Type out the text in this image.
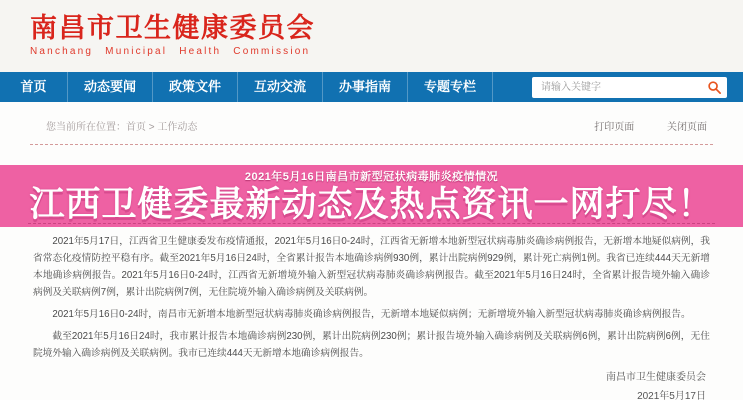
南昌市卫生健康委员会
Nanchang Municipal Health Commission
首页	动态要闻	政策文件	互动交流	办事指南	专题专栏
请输入关键字
您当前所在位置：首页 > 工作动态	打印页面	关闭页面
2021年5月16日南昌市新型冠状病毒肺炎疫情情况
江西卫健委最新动态及热点资讯一网打尽！

2021年5月17日，江西省卫生健康委发布疫情通报，2021年5月16日0-24时，江西省无新增本地新型冠状病毒肺炎确诊病例报告，无新增本地疑似病例，我省常态化疫情防控平稳有序。截至2021年5月16日24时，全省累计报告本地确诊病例930例，累计出院病例929例，累计死亡病例1例。我省已连续444天无新增本地确诊病例报告。2021年5月16日0-24时，江西省无新增境外输入新型冠状病毒肺炎确诊病例报告。截至2021年5月16日24时，全省累计报告境外输入确诊病例及关联病例7例，累计出院病例7例，无住院境外输入确诊病例及关联病例。

2021年5月16日0-24时，南昌市无新增本地新型冠状病毒肺炎确诊病例报告，无新增本地疑似病例；无新增境外输入新型冠状病毒肺炎确诊病例报告。

截至2021年5月16日24时，我市累计报告本地确诊病例230例，累计出院病例230例；累计报告境外输入确诊病例及关联病例6例，累计出院病例6例，无住院境外输入确诊病例及关联病例。我市已连续444天无新增本地确诊病例报告。

南昌市卫生健康委员会
2021年5月17日
